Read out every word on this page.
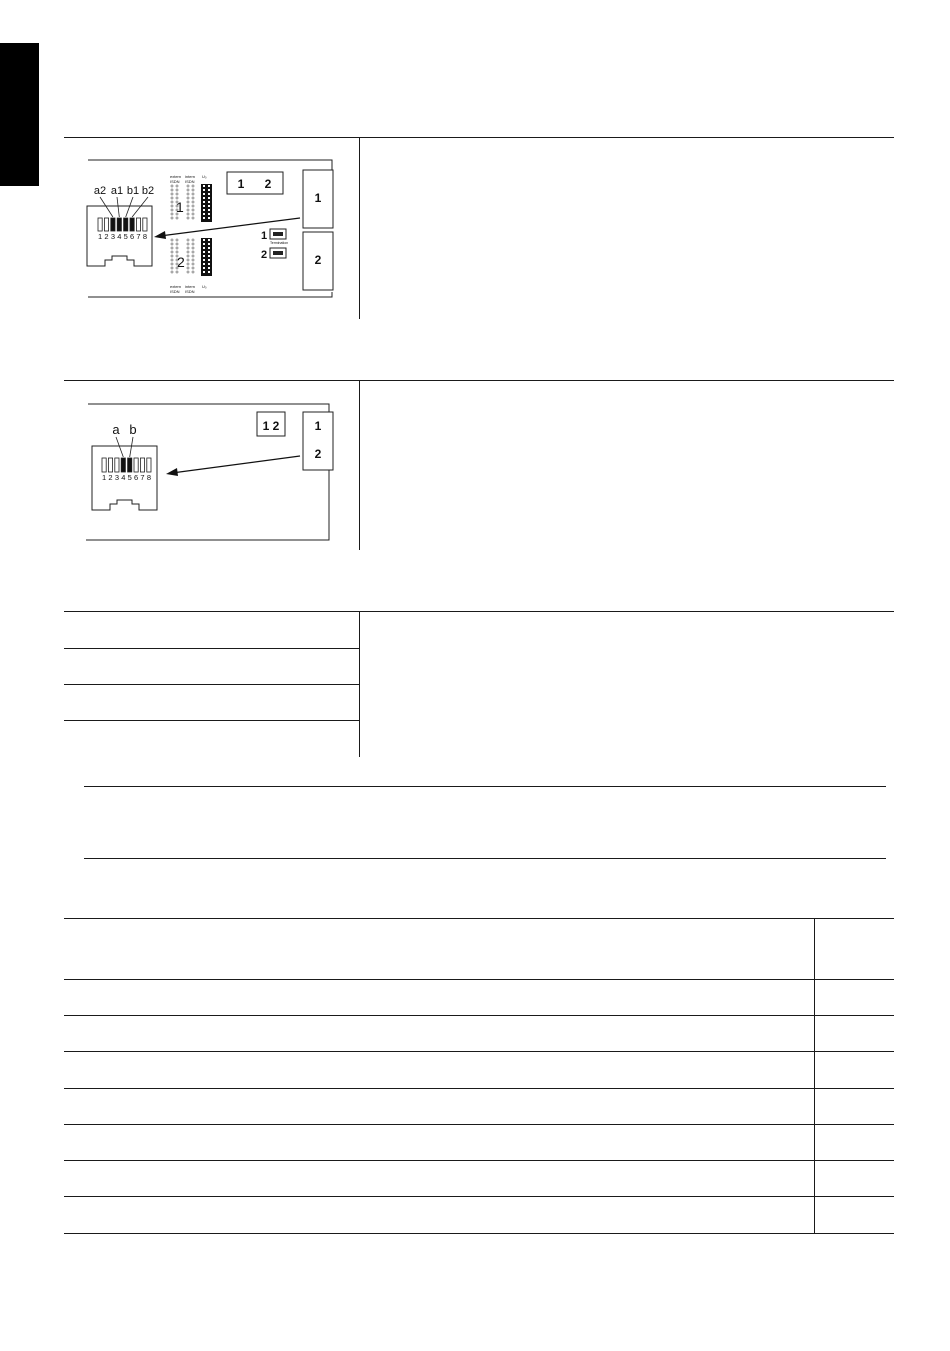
1
2
1 2
extern
ISDN
intern
ISDN
U₀
extern
ISDN
intern
ISDN
U₀
1
Termination
2
1
2
1 2 3 4 5 6 7 8
a2 a1 b1 b2
1 2	1
2
1 2 3 4 5 6 7 8
a b
